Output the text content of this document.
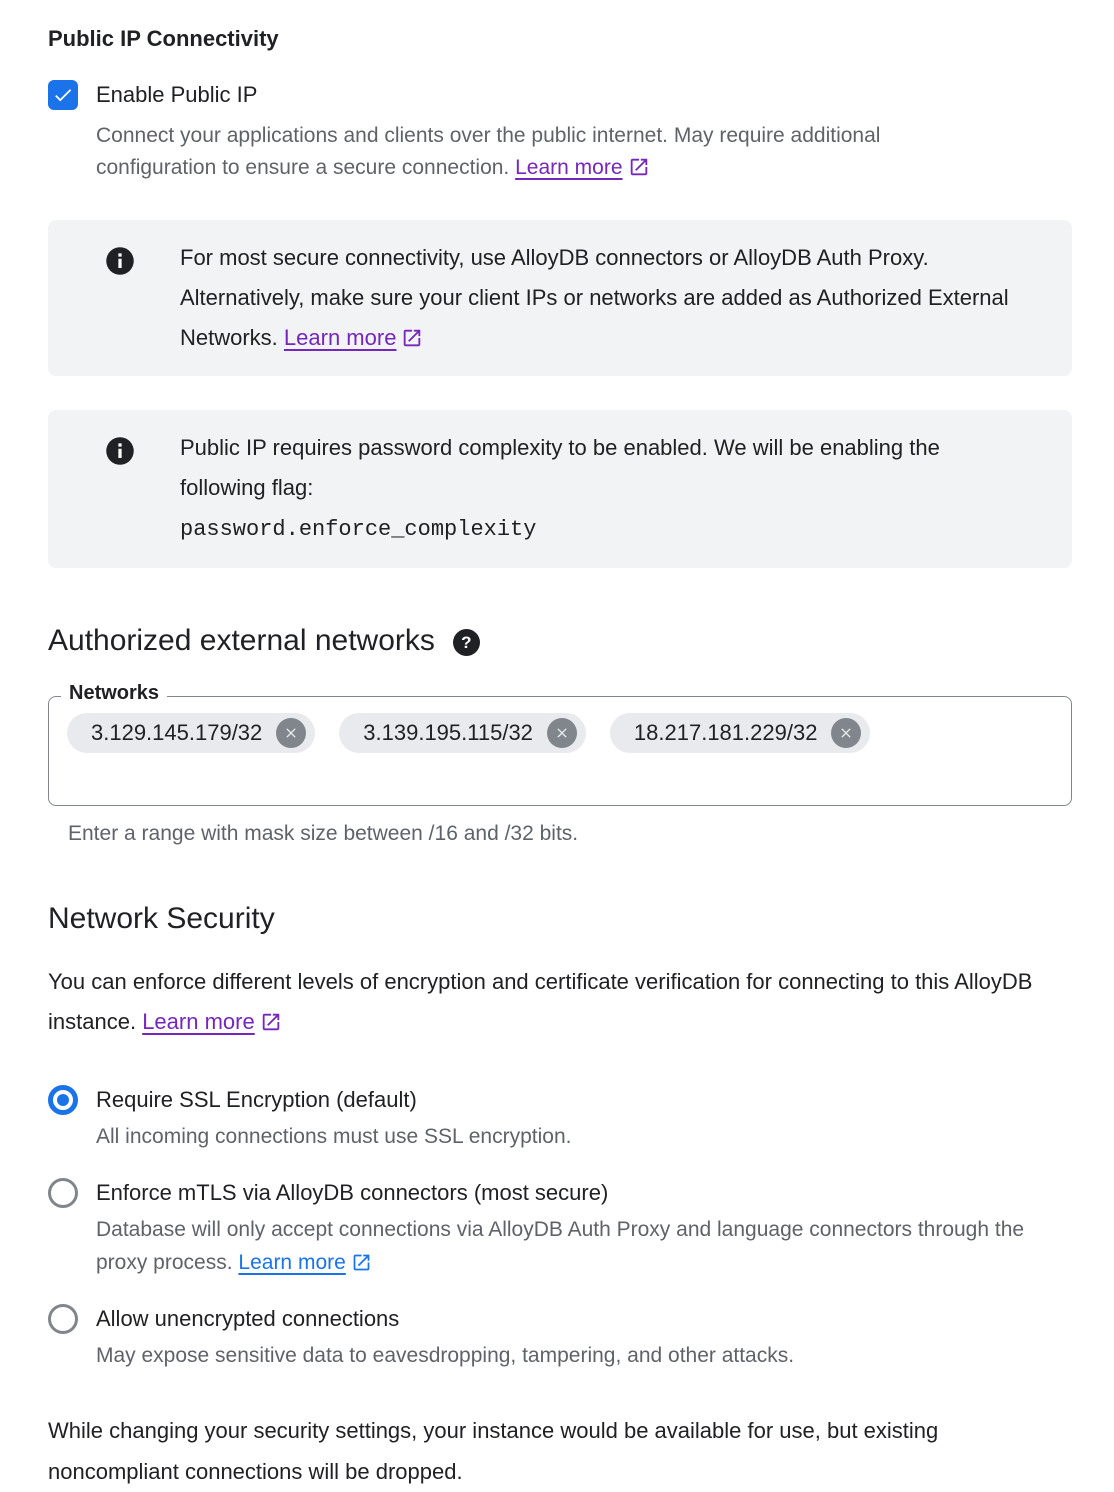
Public IP Connectivity
Enable Public IP
Connect your applications and clients over the public internet. May require additional configuration to ensure a secure connection. Learn more
For most secure connectivity, use AlloyDB connectors or AlloyDB Auth Proxy. Alternatively, make sure your client IPs or networks are added as Authorized External Networks. Learn more
Public IP requires password complexity to be enabled. We will be enabling the following flag:
password.enforce_complexity
Authorized external networks	?
Networks
3.129.145.179/32	3.139.195.115/32	18.217.181.229/32
Enter a range with mask size between /16 and /32 bits.
Network Security
You can enforce different levels of encryption and certificate verification for connecting to this AlloyDB instance. Learn more
Require SSL Encryption (default)
All incoming connections must use SSL encryption.
Enforce mTLS via AlloyDB connectors (most secure)
Database will only accept connections via AlloyDB Auth Proxy and language connectors through the proxy process. Learn more
Allow unencrypted connections
May expose sensitive data to eavesdropping, tampering, and other attacks.
While changing your security settings, your instance would be available for use, but existing noncompliant connections will be dropped.
